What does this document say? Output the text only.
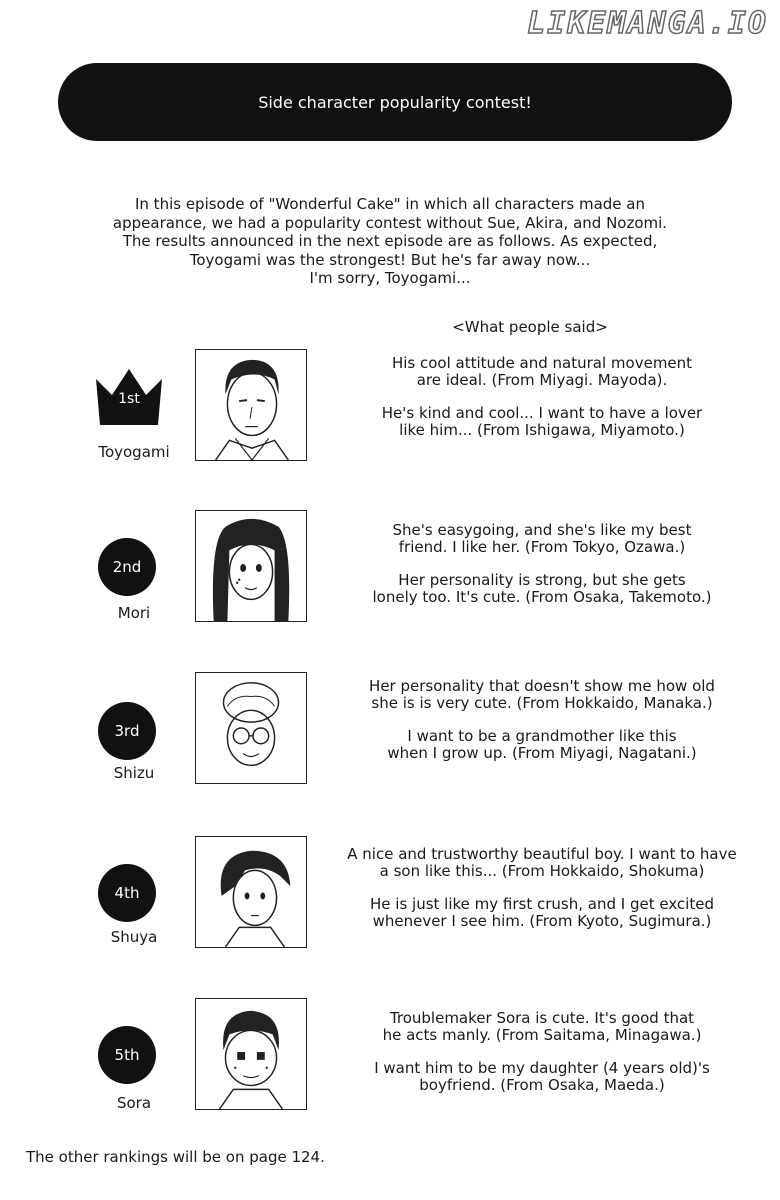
LIKEMANGA.IO
Side character popularity contest!
In this episode of "Wonderful Cake" in which all characters made an
appearance, we had a popularity contest without Sue, Akira, and Nozomi.
The results announced in the next episode are as follows. As expected,
Toyogami was the strongest! But he's far away now...
I'm sorry, Toyogami...
<What people said>
1st
Toyogami
His cool attitude and natural movement
are ideal. (From Miyagi. Mayoda).
He's kind and cool... I want to have a lover
like him... (From Ishigawa, Miyamoto.)
2nd
Mori
She's easygoing, and she's like my best
friend. I like her. (From Tokyo, Ozawa.)
Her personality is strong, but she gets
lonely too. It's cute. (From Osaka, Takemoto.)
3rd
Shizu
Her personality that doesn't show me how old
she is is very cute. (From Hokkaido, Manaka.)
I want to be a grandmother like this
when I grow up. (From Miyagi, Nagatani.)
4th
Shuya
A nice and trustworthy beautiful boy. I want to have
a son like this... (From Hokkaido, Shokuma)
He is just like my first crush, and I get excited
whenever I see him. (From Kyoto, Sugimura.)
5th
Sora
Troublemaker Sora is cute. It's good that
he acts manly. (From Saitama, Minagawa.)
I want him to be my daughter (4 years old)'s
boyfriend. (From Osaka, Maeda.)
The other rankings will be on page 124.
